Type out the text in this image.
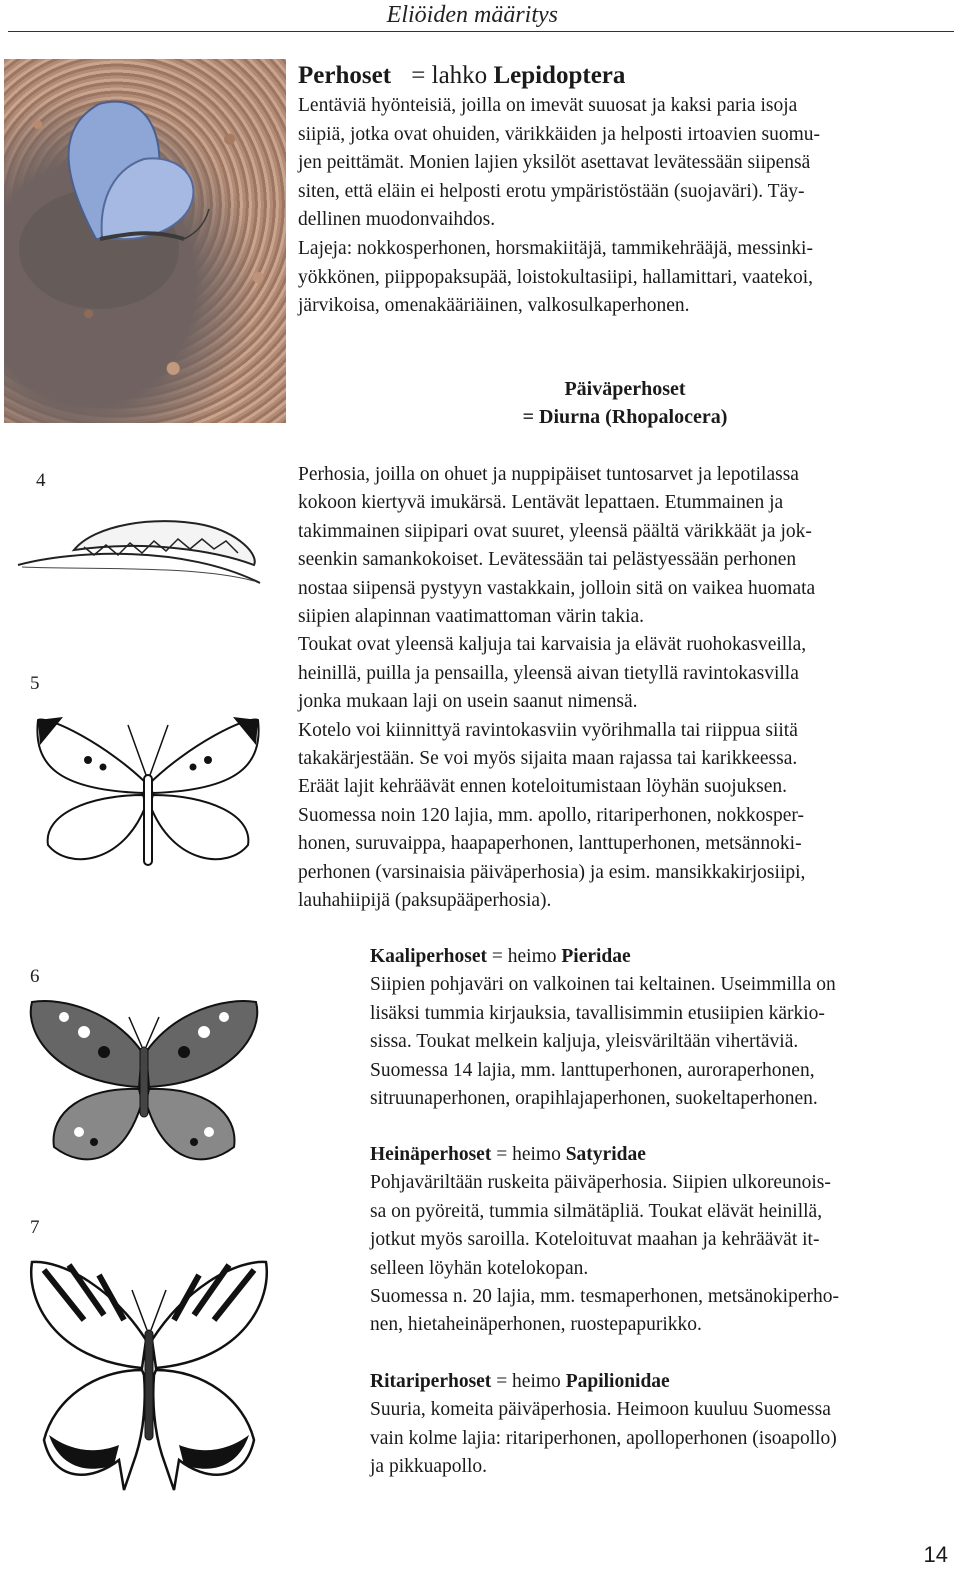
Eliöiden määritys
Perhoset = lahko Lepidoptera
Lentäviä hyönteisiä, joilla on imevät suuosat ja kaksi paria isoja
siipiä, jotka ovat ohuiden, värikkäiden ja helposti irtoavien suomu-
jen peittämät. Monien lajien yksilöt asettavat levätessään siipensä
siten, että eläin ei helposti erotu ympäristöstään (suojaväri). Täy-
dellinen muodonvaihdos.
Lajeja: nokkosperhonen, horsmakiitäjä, tammikehrääjä, messinki-
yökkönen, piippopaksupää, loistokultasiipi, hallamittari, vaatekoi,
järvikoisa, omenakääriäinen, valkosulkaperhonen.
Päiväperhoset
= Diurna (Rhopalocera)
4
5
6
7
Perhosia, joilla on ohuet ja nuppipäiset tuntosarvet ja lepotilassa
kokoon kiertyvä imukärsä. Lentävät lepattaen. Etummainen ja
takimmainen siipipari ovat suuret, yleensä päältä värikkäät ja jok-
seenkin samankokoiset. Levätessään tai pelästyessään perhonen
nostaa siipensä pystyyn vastakkain, jolloin sitä on vaikea huomata
siipien alapinnan vaatimattoman värin takia.
Toukat ovat yleensä kaljuja tai karvaisia ja elävät ruohokasveilla,
heinillä, puilla ja pensailla, yleensä aivan tietyllä ravintokasvilla
jonka mukaan laji on usein saanut nimensä.
Kotelo voi kiinnittyä ravintokasviin vyörihmalla tai riippua siitä
takakärjestään. Se voi myös sijaita maan rajassa tai karikkeessa.
Eräät lajit kehräävät ennen koteloitumistaan löyhän suojuksen.
Suomessa noin 120 lajia, mm. apollo, ritariperhonen, nokkosper-
honen, suruvaippa, haapaperhonen, lanttuperhonen, metsännoki-
perhonen (varsinaisia päiväperhosia) ja esim. mansikkakirjosiipi,
lauhahiipijä (paksupääperhosia).
Kaaliperhoset = heimo Pieridae
Siipien pohjaväri on valkoinen tai keltainen. Useimmilla on
lisäksi tummia kirjauksia, tavallisimmin etusiipien kärkio-
sissa. Toukat melkein kaljuja, yleisväriltään vihertäviä.
Suomessa 14 lajia, mm. lanttuperhonen, auroraperhonen,
sitruunaperhonen, orapihlajaperhonen, suokeltaperhonen.
Heinäperhoset = heimo Satyridae
Pohjaväriltään ruskeita päiväperhosia. Siipien ulkoreunois-
sa on pyöreitä, tummia silmätäpliä. Toukat elävät heinillä,
jotkut myös saroilla. Koteloituvat maahan ja kehräävät it-
selleen löyhän kotelokopan.
Suomessa n. 20 lajia, mm. tesmaperhonen, metsänokiperho-
nen, hietaheinäperhonen, ruostepapurikko.
Ritariperhoset = heimo Papilionidae
Suuria, komeita päiväperhosia. Heimoon kuuluu Suomessa
vain kolme lajia: ritariperhonen, apolloperhonen (isoapollo)
ja pikkuapollo.
14
